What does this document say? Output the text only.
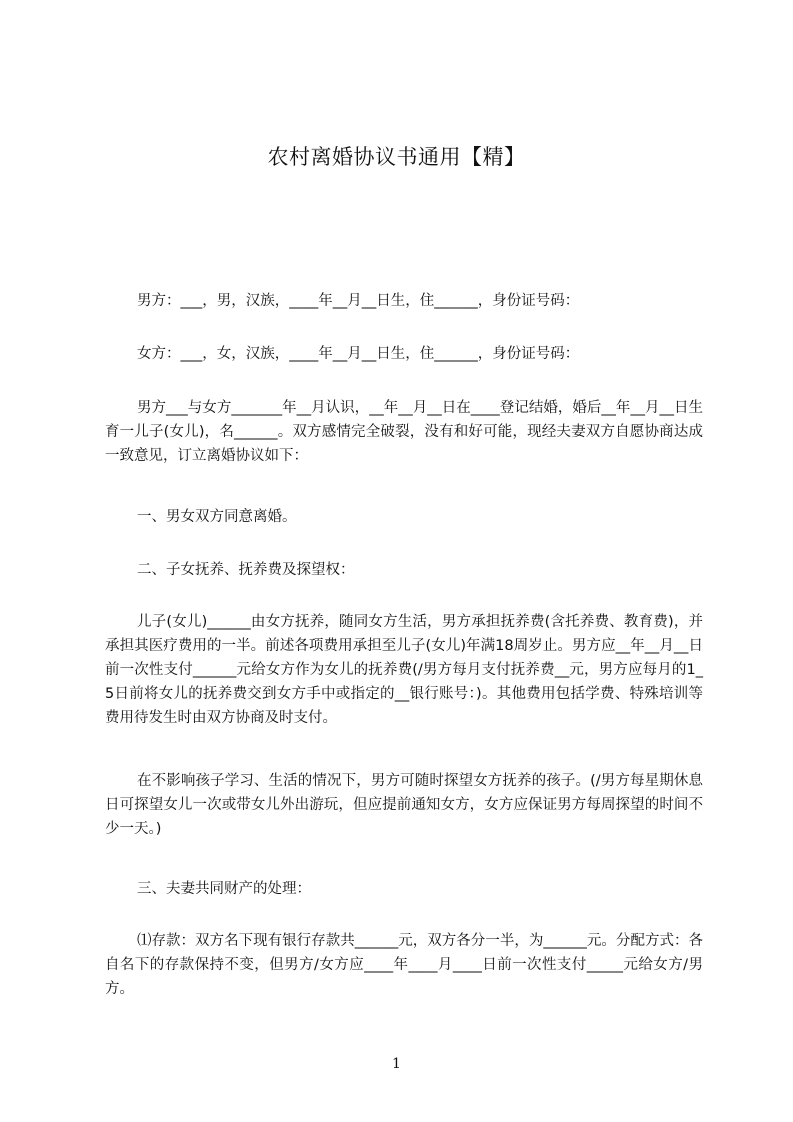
农村离婚协议书通用【精】
男方：___，男，汉族，____年__月__日生，住______，身份证号码：
女方：___，女，汉族，____年__月__日生，住______，身份证号码：
男方___与女方_______年__月认识，__年__月__日在____登记结婚，婚后__年__月__日生育一儿子(女儿)，名______。双方感情完全破裂，没有和好可能，现经夫妻双方自愿协商达成一致意见，订立离婚协议如下：
一、男女双方同意离婚。
二、子女抚养、抚养费及探望权：
儿子(女儿)______由女方抚养，随同女方生活，男方承担抚养费(含托养费、教育费)，并承担其医疗费用的一半。前述各项费用承担至儿子(女儿)年满18周岁止。男方应__年__月__日前一次性支付______元给女方作为女儿的抚养费(/男方每月支付抚养费__元，男方应每月的1_5日前将女儿的抚养费交到女方手中或指定的__银行账号：)。其他费用包括学费、特殊培训等费用待发生时由双方协商及时支付。
在不影响孩子学习、生活的情况下，男方可随时探望女方抚养的孩子。(/男方每星期休息日可探望女儿一次或带女儿外出游玩，但应提前通知女方，女方应保证男方每周探望的时间不少一天。)
三、夫妻共同财产的处理：
⑴存款：双方名下现有银行存款共______元，双方各分一半，为______元。分配方式：各自名下的存款保持不变，但男方/女方应____年____月____日前一次性支付_____元给女方/男方。
1
